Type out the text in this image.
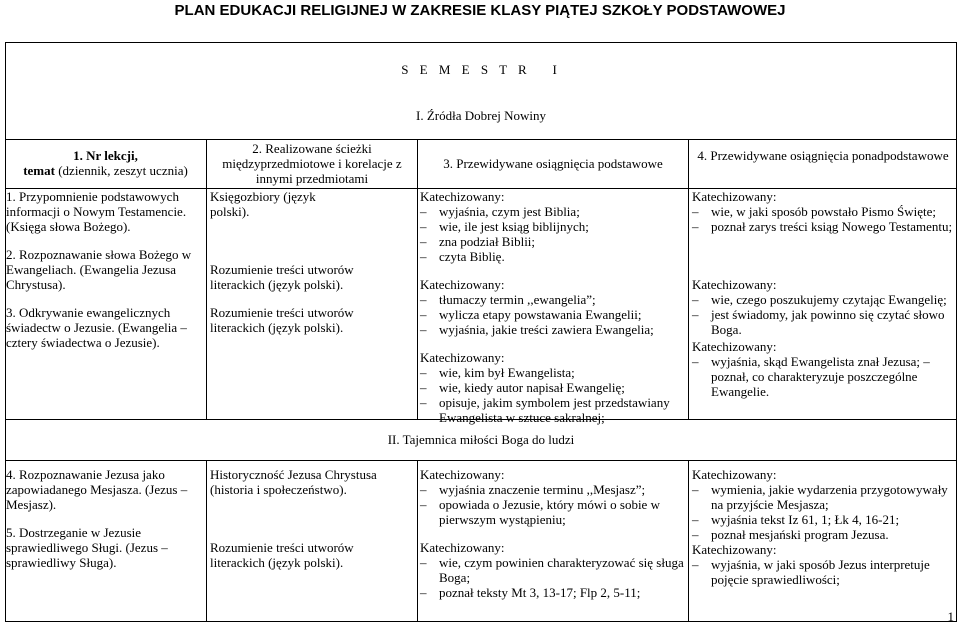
PLAN EDUKACJI RELIGIJNEJ W ZAKRESIE KLASY PIĄTEJ SZKOŁY PODSTAWOWEJ
S E M E S T R   I
I. Źródła Dobrej Nowiny

1. Nr lekcji,

temat (dziennik, zeszyt ucznia)

2. Realizowane ścieżki międzyprzedmiotowe i korelacje z innymi przedmiotami
3. Przewidywane osiągnięcia podstawowe
4. Przewidywane osiągnięcia ponadpodstawowe

1. Przypomnienie podstawowych informacji o Nowym Testamencie. (Księga słowa Bożego).

2. Rozpoznawanie słowa Bożego w Ewangeliach. (Ewangelia Jezusa Chrystusa).

3. Odkrywanie ewangelicznych świadectw o Jezusie. (Ewangelia – cztery świadectwa o Jezusie).

Księgozbiory (język polski).

Rozumienie treści utworów literackich (język polski).

Rozumienie treści utworów literackich (język polski).

Katechizowany:

– wyjaśnia, czym jest Biblia;

– wie, ile jest ksiąg biblijnych;

– zna podział Biblii;

– czyta Biblię.

Katechizowany:

– tłumaczy termin ,,ewangelia”;

– wylicza etapy powstawania Ewangelii;

– wyjaśnia, jakie treści zawiera Ewangelia;

Katechizowany:

– wie, kim był Ewangelista;

– wie, kiedy autor napisał Ewangelię;

– opisuje, jakim symbolem jest przedstawiany Ewangelista w sztuce sakralnej;

Katechizowany:

– wie, w jaki sposób powstało Pismo Święte;

– poznał zarys treści ksiąg Nowego Testamentu;

Katechizowany:

– wie, czego poszukujemy czytając Ewangelię;

– jest świadomy, jak powinno się czytać słowo Boga.

Katechizowany:

– wyjaśnia, skąd Ewangelista znał Jezusa; – poznał, co charakteryzuje poszczególne Ewangelie.

II. Tajemnica miłości Boga do ludzi

4. Rozpoznawanie Jezusa jako zapowiadanego Mesjasza. (Jezus – Mesjasz).

5. Dostrzeganie w Jezusie sprawiedliwego Sługi. (Jezus – sprawiedliwy Sługa).

Historyczność Jezusa Chrystusa (historia i społeczeństwo).

Rozumienie treści utworów literackich (język polski).

Katechizowany:

– wyjaśnia znaczenie terminu ,,Mesjasz”;

– opowiada o Jezusie, który mówi o sobie w pierwszym wystąpieniu;

Katechizowany:

– wie, czym powinien charakteryzować się sługa Boga;

– poznał teksty Mt 3, 13-17; Flp 2, 5-11;

Katechizowany:

– wymienia, jakie wydarzenia przygotowywały na przyjście Mesjasza;

– wyjaśnia tekst Iz 61, 1; Łk 4, 16-21;

– poznał mesjański program Jezusa.

Katechizowany:

– wyjaśnia, w jaki sposób Jezus interpretuje pojęcie sprawiedliwości;

1
